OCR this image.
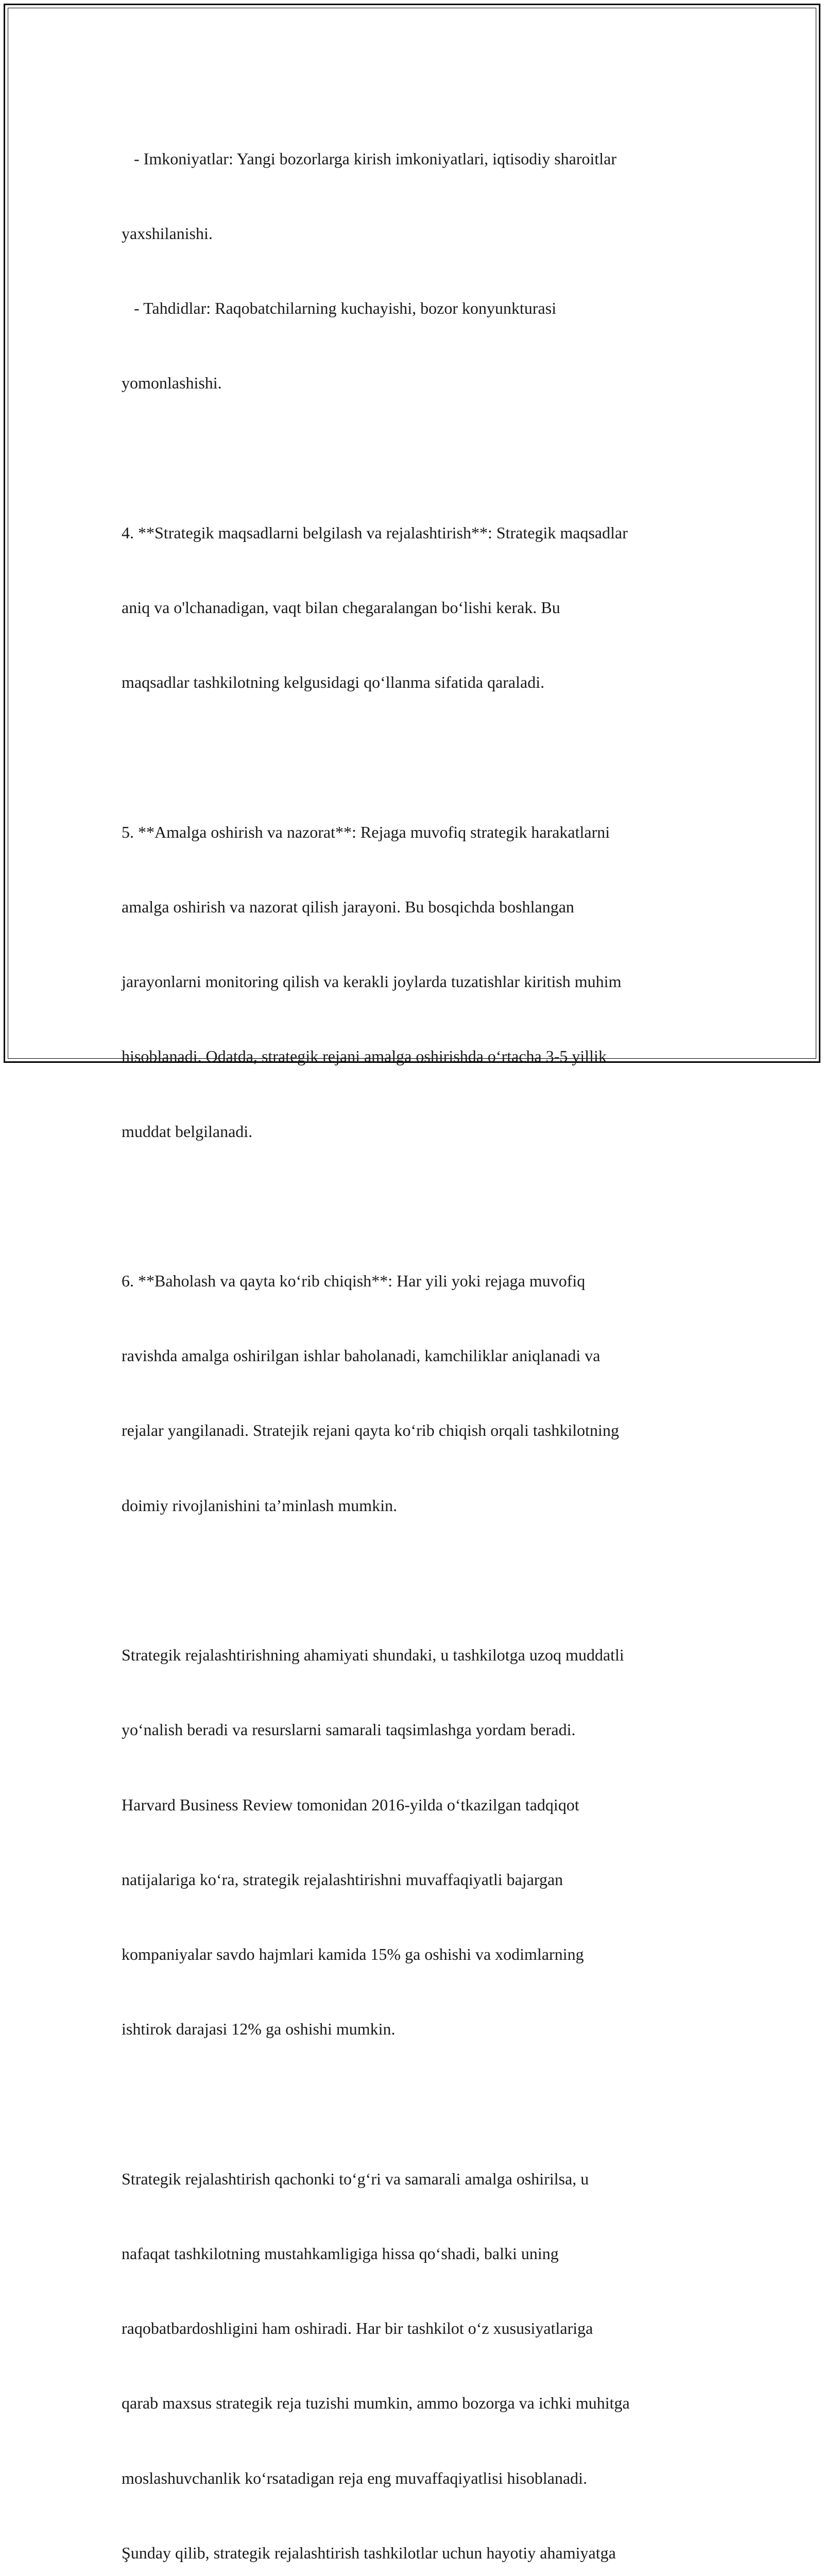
- Imkoniyatlar: Yangi bozorlarga kirish imkoniyatlari, iqtisodiy sharoitlar

yaxshilanishi.

- Tahdidlar: Raqobatchilarning kuchayishi, bozor konyunkturasi

yomonlashishi.

4. **Strategik maqsadlarni belgilash va rejalashtirish**: Strategik maqsadlar

aniq va o'lchanadigan, vaqt bilan chegaralangan boʻlishi kerak. Bu

maqsadlar tashkilotning kelgusidagi qoʻllanma sifatida qaraladi.

5. **Amalga oshirish va nazorat**: Rejaga muvofiq strategik harakatlarni

amalga oshirish va nazorat qilish jarayoni. Bu bosqichda boshlangan

jarayonlarni monitoring qilish va kerakli joylarda tuzatishlar kiritish muhim

hisoblanadi. Odatda, strategik rejani amalga oshirishda oʻrtacha 3-5 yillik

muddat belgilanadi.

6. **Baholash va qayta koʻrib chiqish**: Har yili yoki rejaga muvofiq

ravishda amalga oshirilgan ishlar baholanadi, kamchiliklar aniqlanadi va

rejalar yangilanadi. Stratejik rejani qayta koʻrib chiqish orqali tashkilotning

doimiy rivojlanishini taʼminlash mumkin.

Strategik rejalashtirishning ahamiyati shundaki, u tashkilotga uzoq muddatli

yoʻnalish beradi va resurslarni samarali taqsimlashga yordam beradi.

Harvard Business Review tomonidan 2016-yilda oʻtkazilgan tadqiqot

natijalariga koʻra, strategik rejalashtirishni muvaffaqiyatli bajargan

kompaniyalar savdo hajmlari kamida 15% ga oshishi va xodimlarning

ishtirok darajasi 12% ga oshishi mumkin.

Strategik rejalashtirish qachonki toʻgʻri va samarali amalga oshirilsa, u

nafaqat tashkilotning mustahkamligiga hissa qoʻshadi, balki uning

raqobatbardoshligini ham oshiradi. Har bir tashkilot oʻz xususiyatlariga

qarab maxsus strategik reja tuzishi mumkin, ammo bozorga va ichki muhitga

moslashuvchanlik koʻrsatadigan reja eng muvaffaqiyatlisi hisoblanadi.

Şunday qilib, strategik rejalashtirish tashkilotlar uchun hayotiy ahamiyatga
